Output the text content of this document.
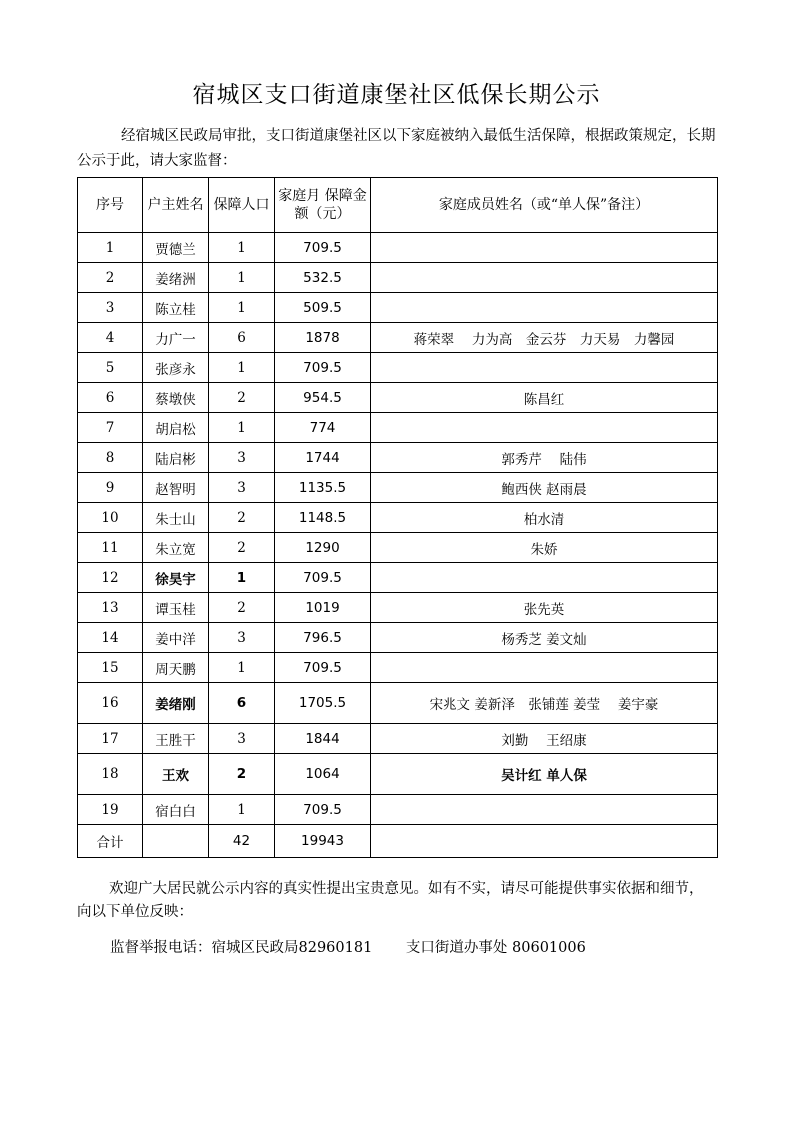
宿城区支口街道康堡社区低保长期公示
经宿城区民政局审批，支口街道康堡社区以下家庭被纳入最低生活保障，根据政策规定，长期公示于此，请大家监督：
序号	户主姓名	保障人口	家庭月 保障金额（元）	家庭成员姓名（或“单人保”备注）
1	贾德兰	1	709.5	
2	姜绪洲	1	532.5	
3	陈立桂	1	509.5	
4	力广一	6	1878	蒋荣翠　 力为高　金云芬　力天易　力馨园
5	张彦永	1	709.5	
6	蔡墩侠	2	954.5	陈昌红
7	胡启松	1	774	
8	陆启彬	3	1744	郭秀芹　 陆伟
9	赵智明	3	1135.5	鲍西侠 赵雨晨
10	朱士山	2	1148.5	柏水清
11	朱立宽	2	1290	朱娇
12	徐昊宇	1	709.5	
13	谭玉桂	2	1019	张先英
14	姜中洋	3	796.5	杨秀芝 姜文灿
15	周天鹏	1	709.5	
16	姜绪刚	6	1705.5	宋兆文 姜新泽　张铺莲 姜莹　 姜宇豪
17	王胜干	3	1844	刘勤　 王绍康
18	王欢	2	1064	吴计红 单人保
19	宿白白	1	709.5	
合计		42	19943	
欢迎广大居民就公示内容的真实性提出宝贵意见。如有不实，请尽可能提供事实依据和细节，向以下单位反映：
监督举报电话：宿城区民政局82960181　　 支口街道办事处 80601006
